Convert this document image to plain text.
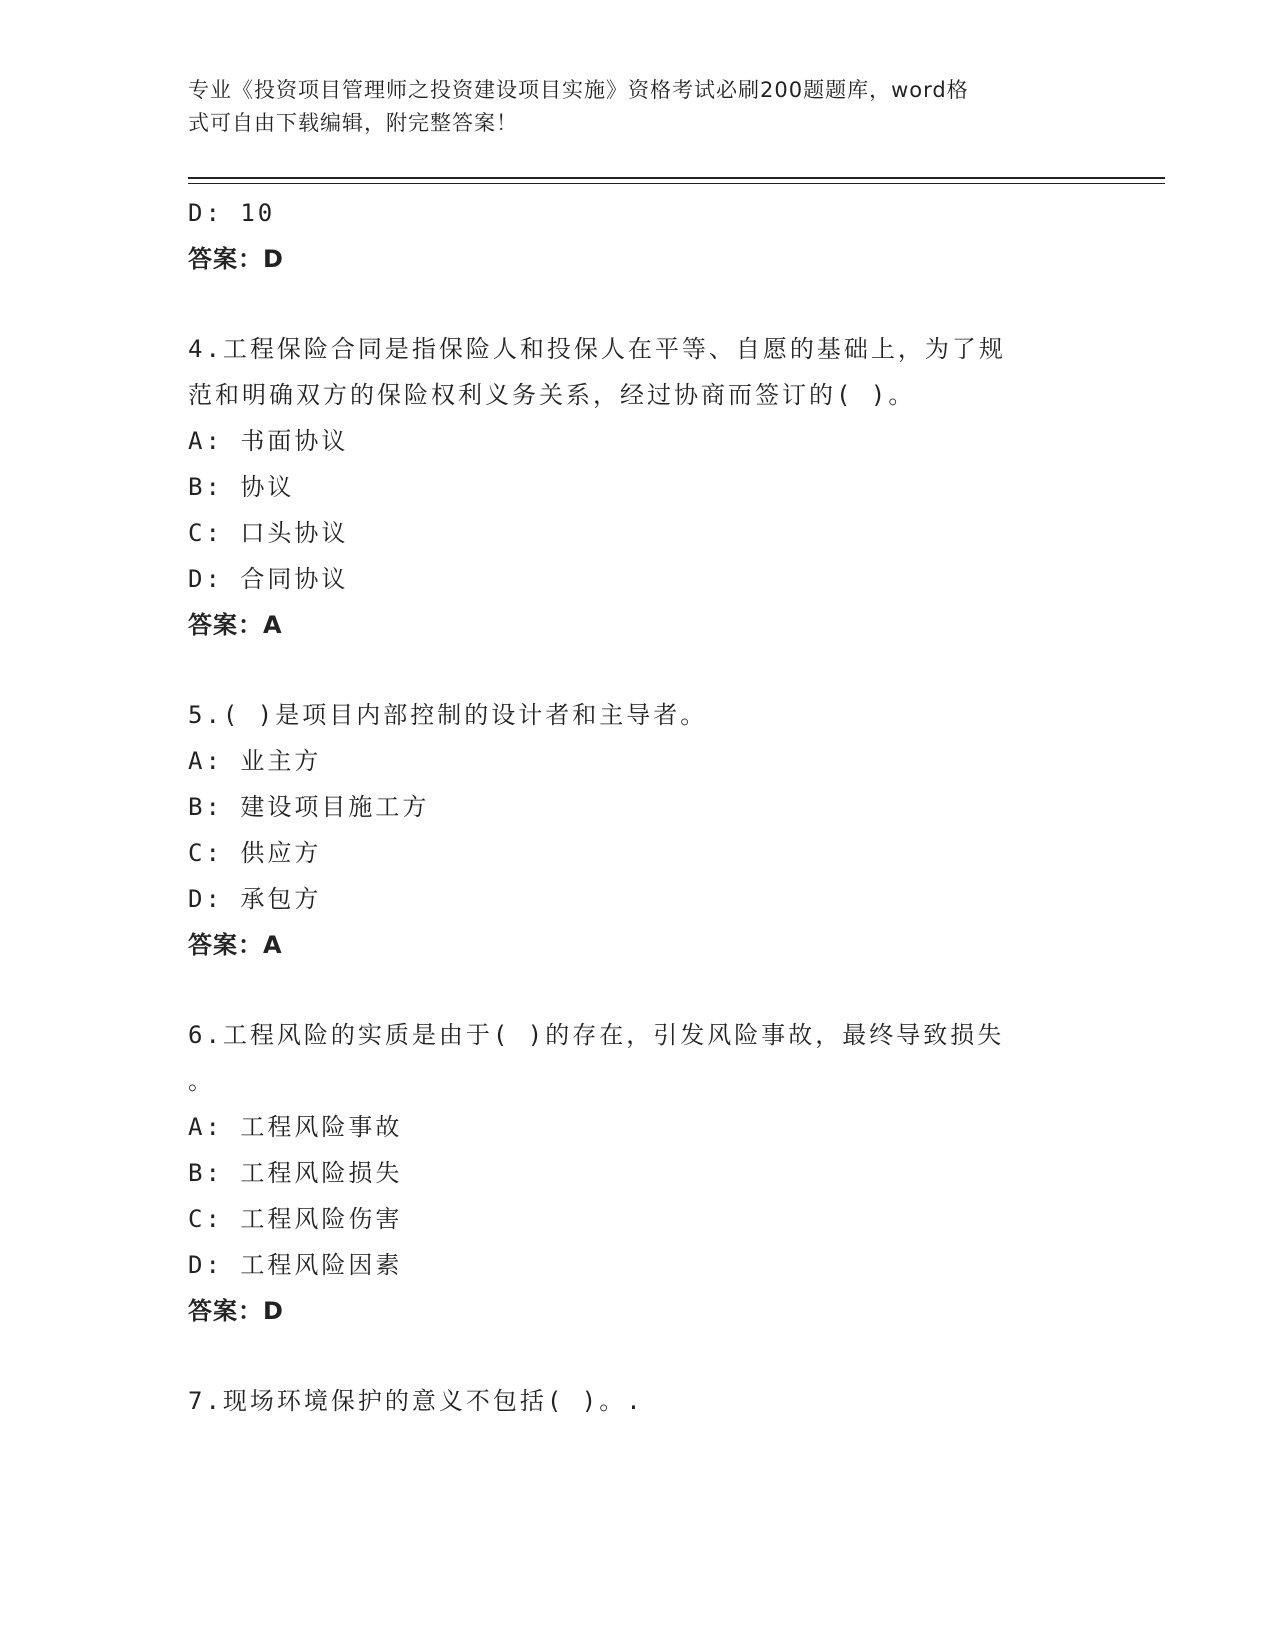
专业《投资项目管理师之投资建设项目实施》资格考试必刷200题题库，word格
式可自由下载编辑，附完整答案！
D: 10
答案：D
4.工程保险合同是指保险人和投保人在平等、自愿的基础上，为了规
范和明确双方的保险权利义务关系，经过协商而签订的( )。
A: 书面协议
B: 协议
C: 口头协议
D: 合同协议
答案：A
5.( )是项目内部控制的设计者和主导者。
A: 业主方
B: 建设项目施工方
C: 供应方
D: 承包方
答案：A
6.工程风险的实质是由于( )的存在，引发风险事故，最终导致损失
。
A: 工程风险事故
B: 工程风险损失
C: 工程风险伤害
D: 工程风险因素
答案：D
7.现场环境保护的意义不包括( )。.
